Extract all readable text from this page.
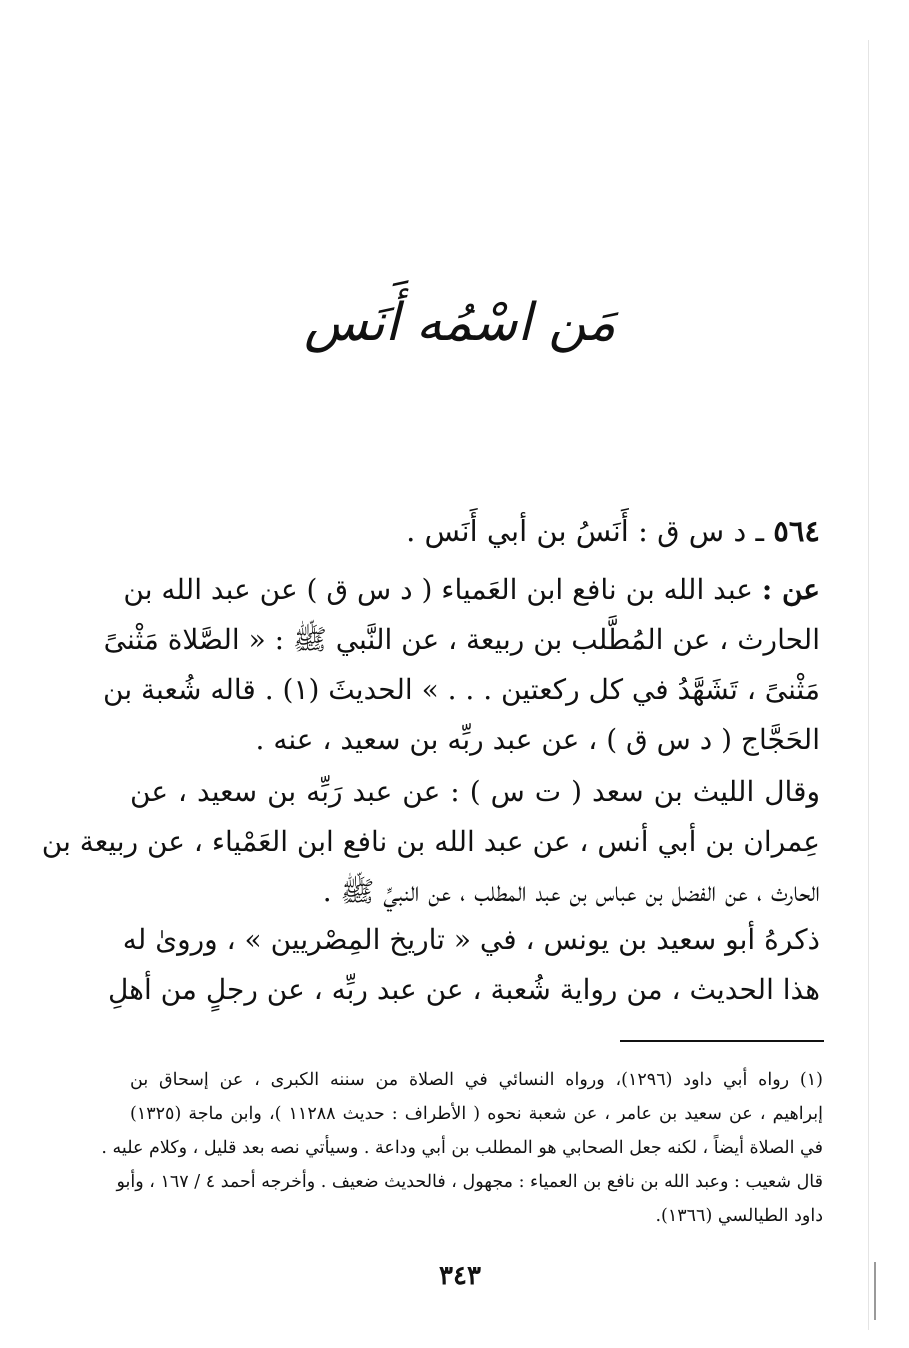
مَن اسْمُه أَنَس
٥٦٤ ـ د س ق : أَنَسُ بن أبي أَنَس .
عن : عبد الله بن نافع ابن العَمياء ( د س ق ) عن عبد الله بن
الحارث ، عن المُطَّلب بن ربيعة ، عن النَّبي ﷺ : « الصَّلاة مَثْنىً
مَثْنىً ، تَشَهَّدُ في كل ركعتين . . . » الحديثَ (١) . قاله شُعبة بن
الحَجَّاج ( د س ق ) ، عن عبد ربِّه بن سعيد ، عنه .
وقال الليث بن سعد ( ت س ) : عن عبد رَبِّه بن سعيد ، عن
عِمران بن أبي أنس ، عن عبد الله بن نافع ابن العَمْياء ، عن ربيعة بن
الحارث ، عن الفضل بن عباس بن عبد المطلب ، عن النبيِّ ﷺ .
ذكرهُ أبو سعيد بن يونس ، في « تاريخ المِصْريين » ، وروىٰ له
هذا الحديث ، من رواية شُعبة ، عن عبد ربِّه ، عن رجلٍ من أهلِ
(١) رواه أبي داود (١٢٩٦)، ورواه النسائي في الصلاة من سننه الكبرى ، عن إسحاق بن
إبراهيم ، عن سعيد بن عامر ، عن شعبة نحوه ( الأطراف : حديث ١١٢٨٨ )، وابن ماجة (١٣٢٥)
في الصلاة أيضاً ، لكنه جعل الصحابي هو المطلب بن أبي وداعة . وسيأتي نصه بعد قليل ، وكلام عليه .
قال شعيب : وعبد الله بن نافع بن العمياء : مجهول ، فالحديث ضعيف . وأخرجه أحمد ٤ / ١٦٧ ، وأبو
داود الطيالسي (١٣٦٦).
٣٤٣
